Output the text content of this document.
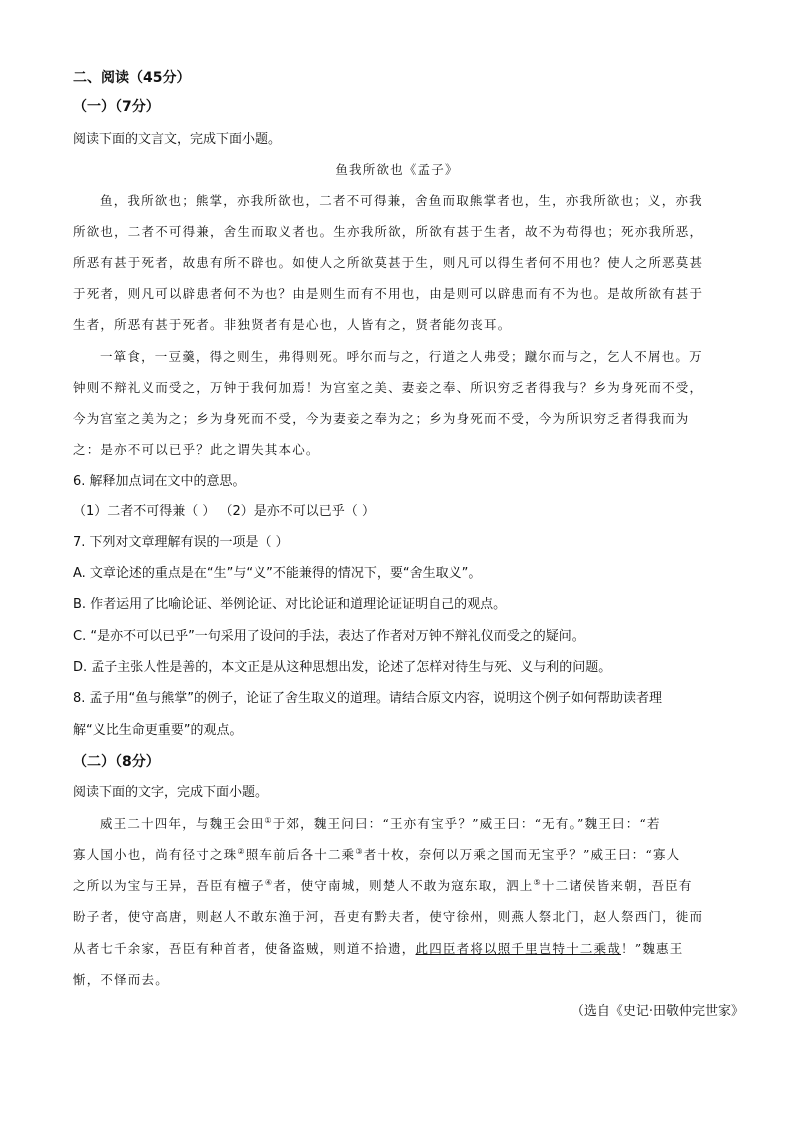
二、阅读（45分）
（一）（7分）
阅读下面的文言文，完成下面小题。
鱼我所欲也《孟子》
鱼，我所欲也；熊掌，亦我所欲也，二者不可得兼，舍鱼而取熊掌者也，生，亦我所欲也；义，亦我
所欲也，二者不可得兼，舍生而取义者也。生亦我所欲，所欲有甚于生者，故不为苟得也；死亦我所恶，
所恶有甚于死者，故患有所不辟也。如使人之所欲莫甚于生，则凡可以得生者何不用也？使人之所恶莫甚
于死者，则凡可以辟患者何不为也？由是则生而有不用也，由是则可以辟患而有不为也。是故所欲有甚于
生者，所恶有甚于死者。非独贤者有是心也，人皆有之，贤者能勿丧耳。
一箪食，一豆羹，得之则生，弗得则死。呼尔而与之，行道之人弗受；蹴尔而与之，乞人不屑也。万
钟则不辩礼义而受之，万钟于我何加焉！为宫室之美、妻妾之奉、所识穷乏者得我与？乡为身死而不受，
今为宫室之美为之；乡为身死而不受，今为妻妾之奉为之；乡为身死而不受，今为所识穷乏者得我而为
之：是亦不可以已乎？此之谓失其本心。
6. 解释加点词在文中的意思。
（1）二者不可得兼（ ） （2）是亦不可以已乎（ ）
7. 下列对文章理解有误的一项是（ ）
A. 文章论述的重点是在“生”与“义”不能兼得的情况下，要“舍生取义”。
B. 作者运用了比喻论证、举例论证、对比论证和道理论证证明自己的观点。
C. “是亦不可以已乎”一句采用了设问的手法，表达了作者对万钟不辩礼仪而受之的疑问。
D. 孟子主张人性是善的，本文正是从这种思想出发，论述了怎样对待生与死、义与利的问题。
8. 孟子用“鱼与熊掌”的例子，论证了舍生取义的道理。请结合原文内容，说明这个例子如何帮助读者理
解“义比生命更重要”的观点。
（二）（8分）
阅读下面的文字，完成下面小题。
威王二十四年，与魏王会田①于郊，魏王问曰：“王亦有宝乎？”威王曰：“无有。”魏王曰：“若
寡人国小也，尚有径寸之珠②照车前后各十二乘③者十枚，奈何以万乘之国而无宝乎？”威王曰：“寡人
之所以为宝与王异，吾臣有檀子④者，使守南城，则楚人不敢为寇东取，泗上⑤十二诸侯皆来朝，吾臣有
盼子者，使守高唐，则赵人不敢东渔于河，吾吏有黔夫者，使守徐州，则燕人祭北门，赵人祭西门，徙而
从者七千余家，吾臣有种首者，使备盗贼，则道不拾遗，此四臣者将以照千里岂特十二乘哉！”魏惠王
惭，不怿而去。
（选自《史记·田敬仲完世家》
